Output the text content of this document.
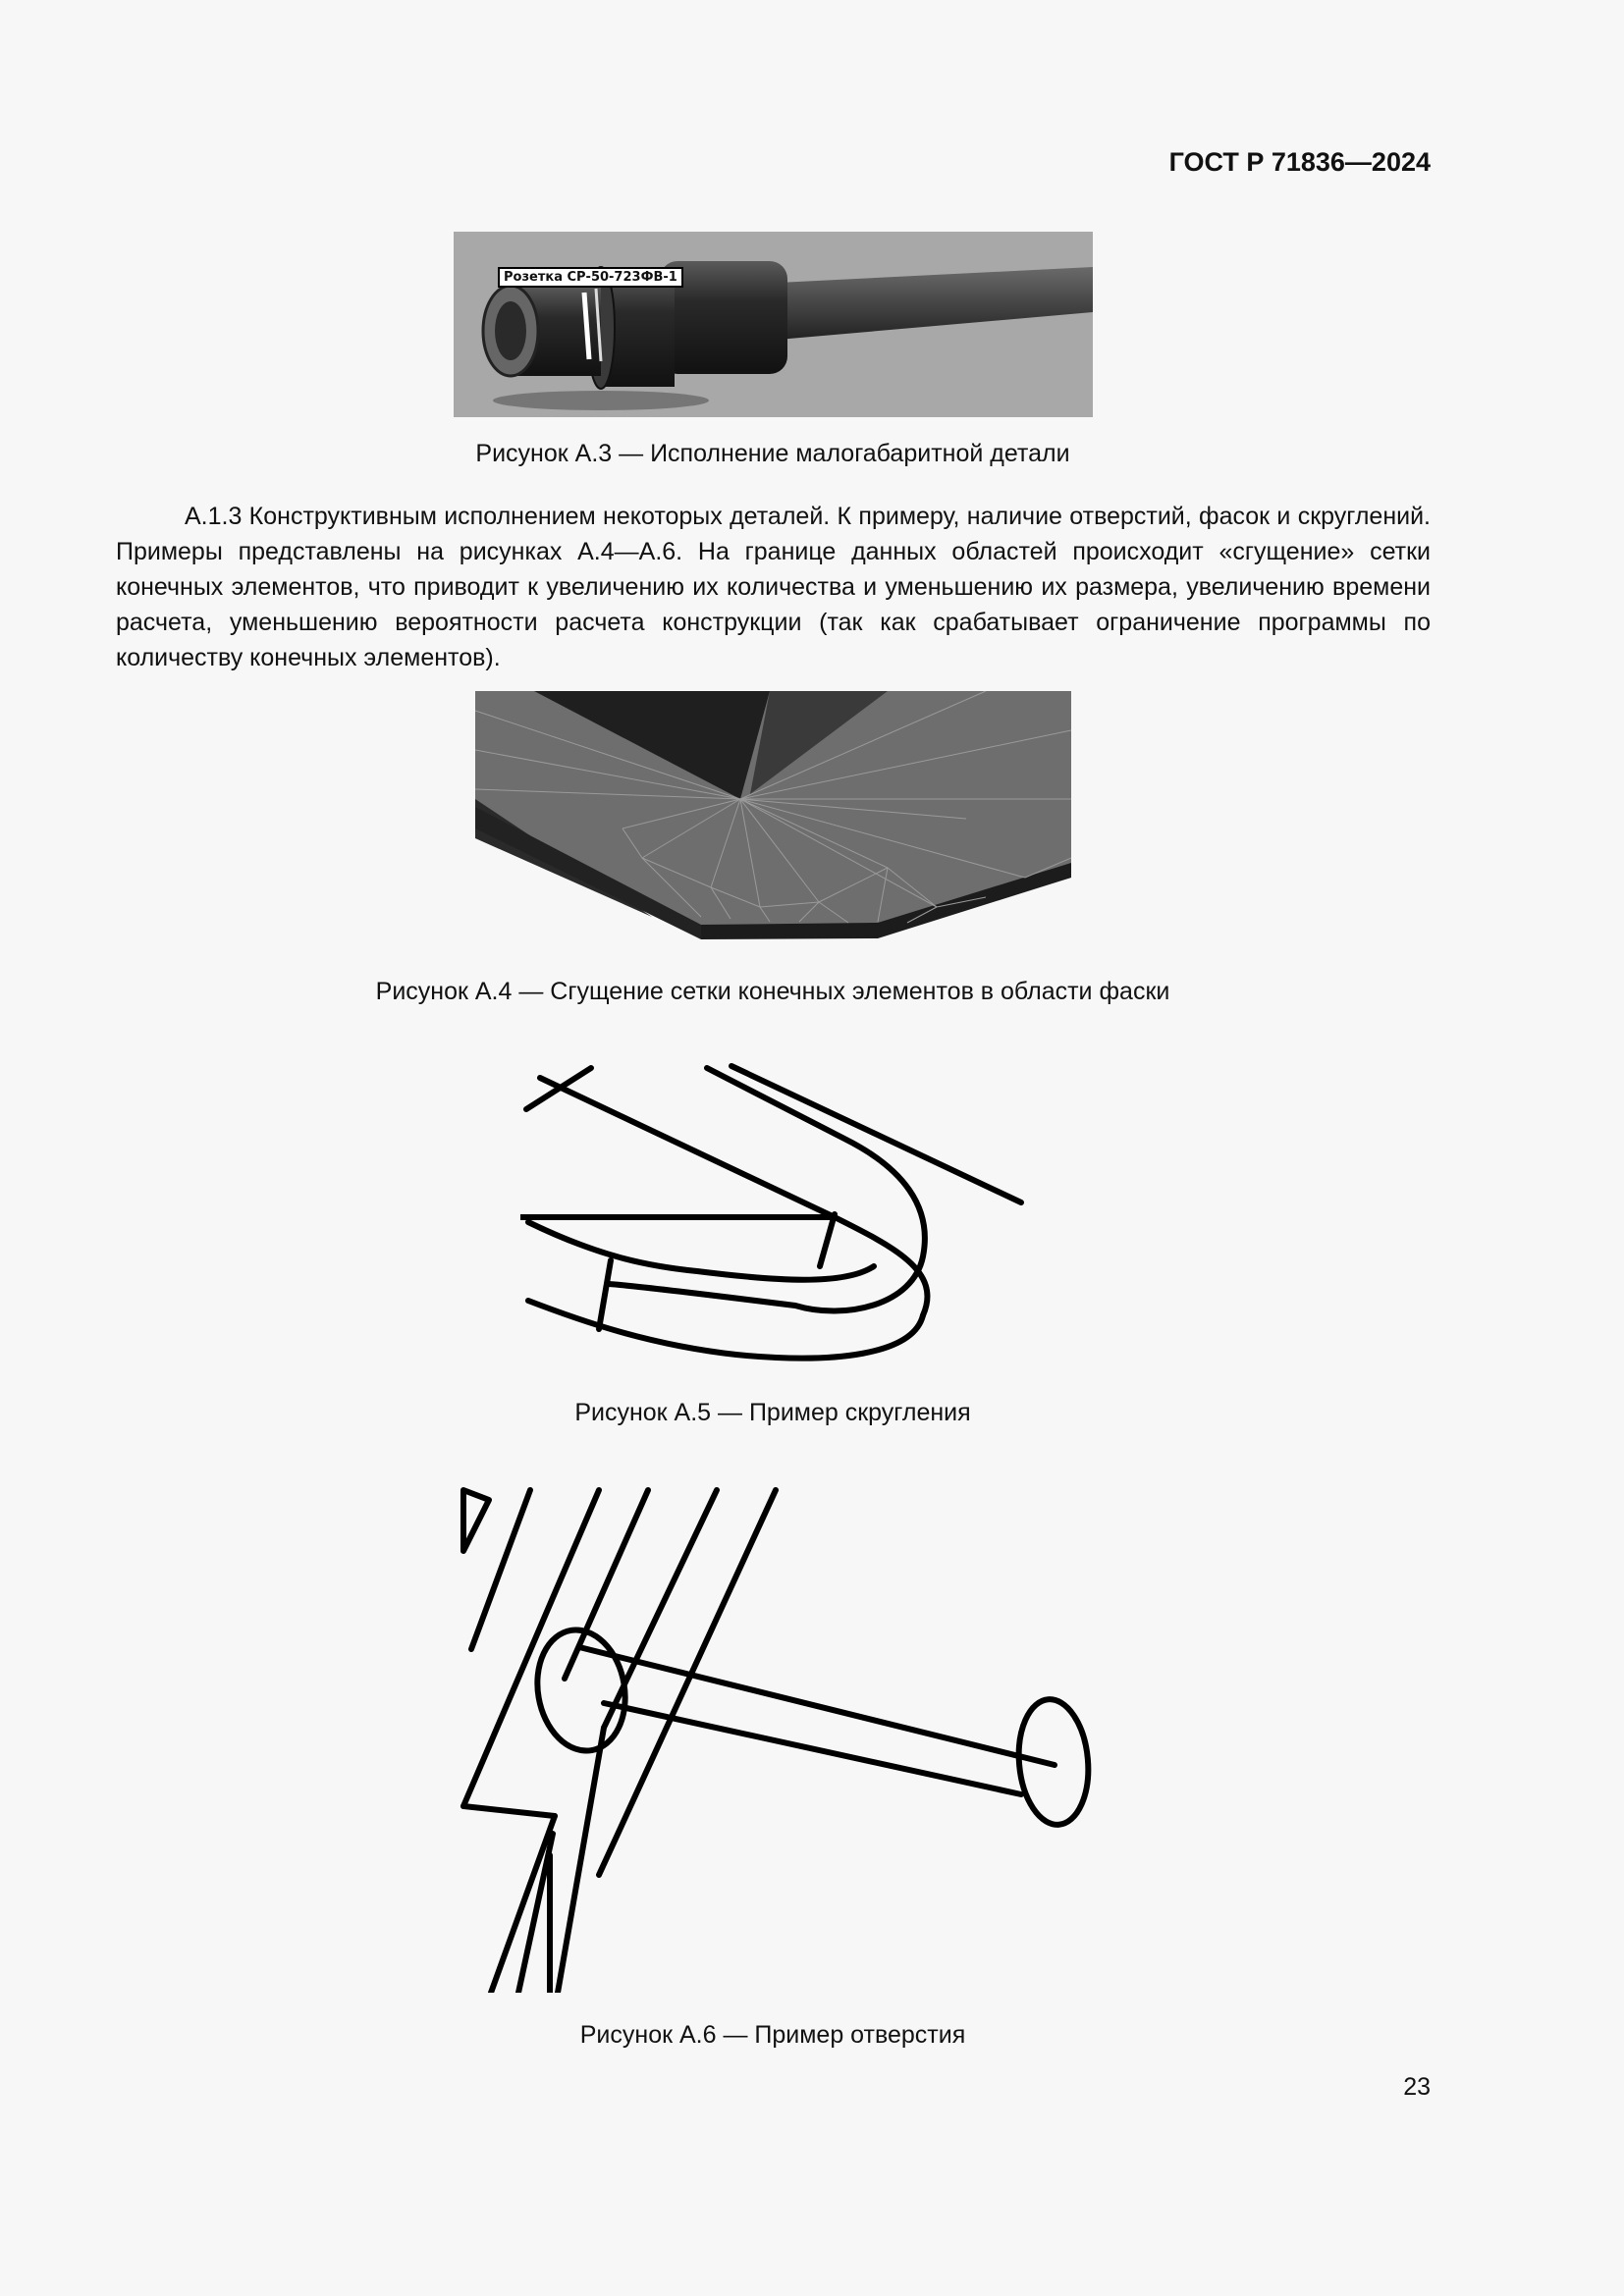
ГОСТ Р 71836—2024
Розетка СР-50-723ФВ-1
Рисунок А.3 — Исполнение малогабаритной детали
А.1.3 Конструктивным исполнением некоторых деталей. К примеру, наличие отверстий, фасок и скруглений. Примеры представлены на рисунках А.4—А.6. На границе данных областей происходит «сгущение» сетки конечных элементов, что приводит к увеличению их количества и уменьшению их размера, увеличению времени расчета, уменьшению вероятности расчета конструкции (так как срабатывает ограничение программы по количеству конечных элементов).
Рисунок А.4 — Сгущение сетки конечных элементов в области фаски
Рисунок А.5 — Пример скругления
Рисунок А.6 — Пример отверстия
23
